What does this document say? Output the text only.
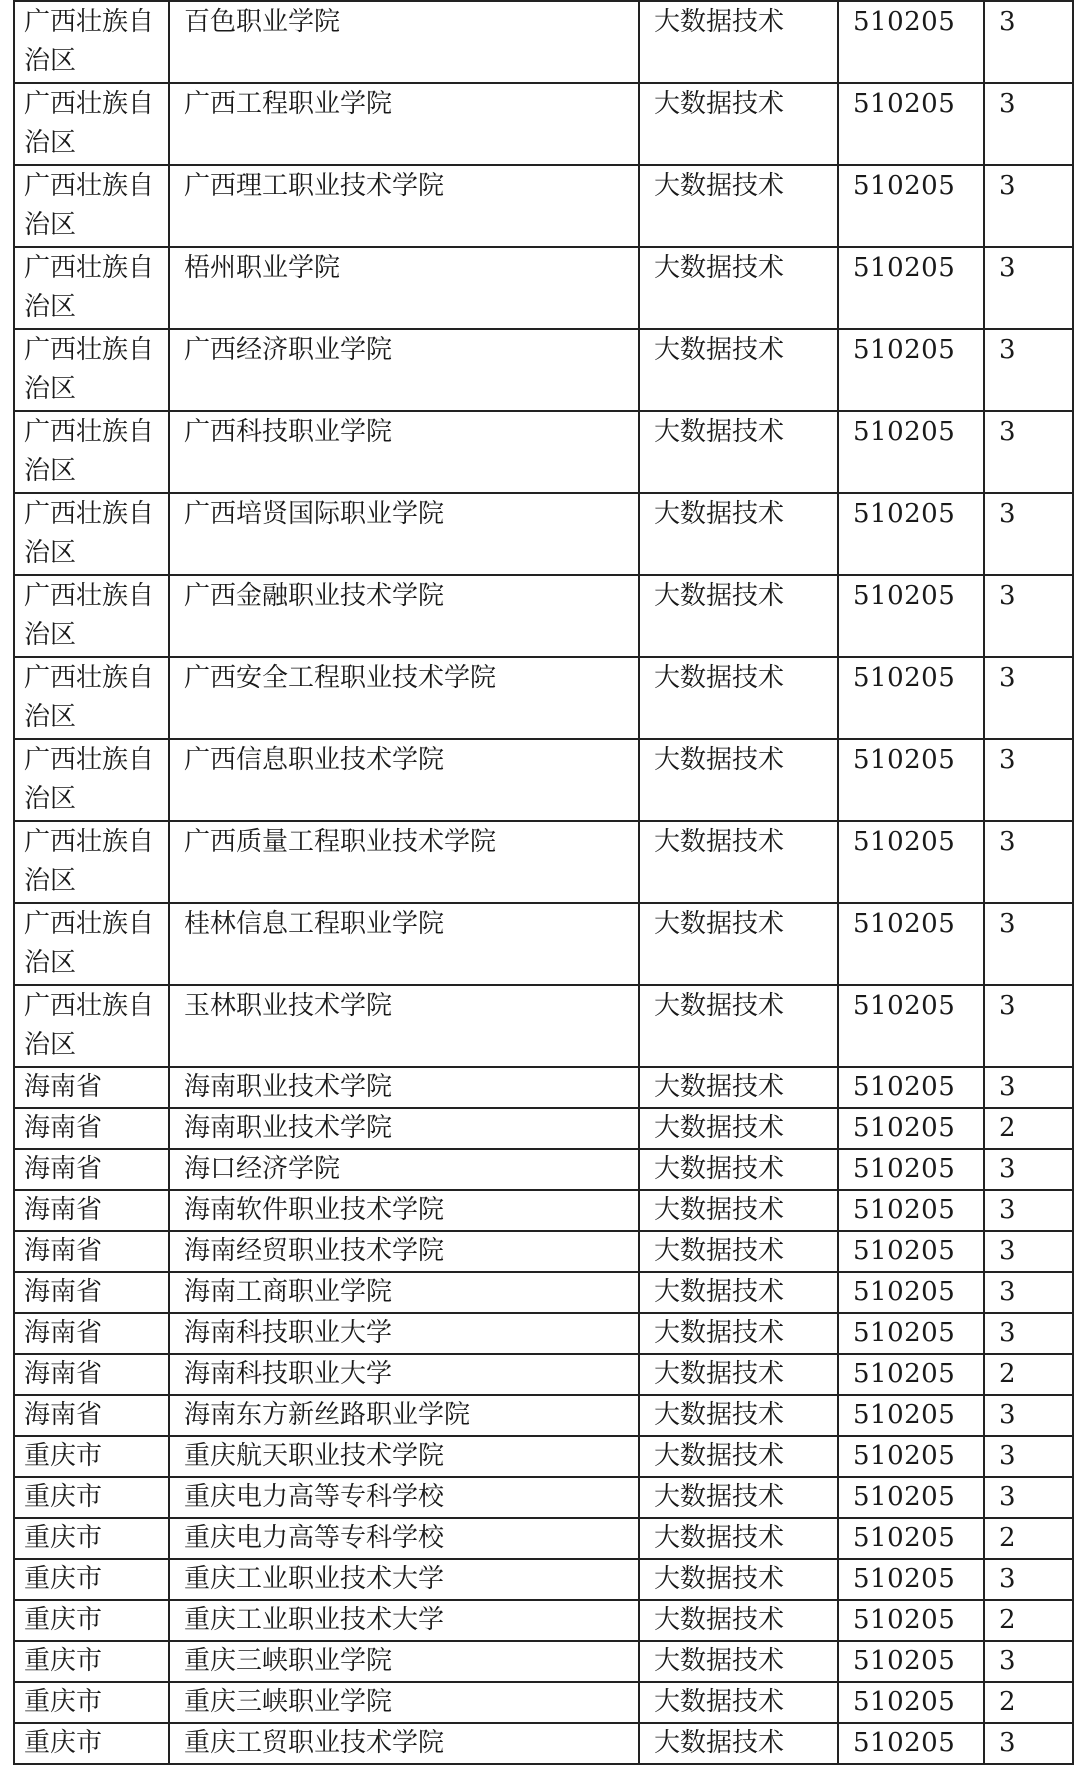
广西壮族自治区	百色职业学院	大数据技术	510205	3

广西壮族自治区	广西工程职业学院	大数据技术	510205	3

广西壮族自治区	广西理工职业技术学院	大数据技术	510205	3

广西壮族自治区	梧州职业学院	大数据技术	510205	3

广西壮族自治区	广西经济职业学院	大数据技术	510205	3

广西壮族自治区	广西科技职业学院	大数据技术	510205	3

广西壮族自治区	广西培贤国际职业学院	大数据技术	510205	3

广西壮族自治区	广西金融职业技术学院	大数据技术	510205	3

广西壮族自治区	广西安全工程职业技术学院	大数据技术	510205	3

广西壮族自治区	广西信息职业技术学院	大数据技术	510205	3

广西壮族自治区	广西质量工程职业技术学院	大数据技术	510205	3

广西壮族自治区	桂林信息工程职业学院	大数据技术	510205	3

广西壮族自治区	玉林职业技术学院	大数据技术	510205	3

海南省	海南职业技术学院	大数据技术	510205	3

海南省	海南职业技术学院	大数据技术	510205	2

海南省	海口经济学院	大数据技术	510205	3

海南省	海南软件职业技术学院	大数据技术	510205	3

海南省	海南经贸职业技术学院	大数据技术	510205	3

海南省	海南工商职业学院	大数据技术	510205	3

海南省	海南科技职业大学	大数据技术	510205	3

海南省	海南科技职业大学	大数据技术	510205	2

海南省	海南东方新丝路职业学院	大数据技术	510205	3

重庆市	重庆航天职业技术学院	大数据技术	510205	3

重庆市	重庆电力高等专科学校	大数据技术	510205	3

重庆市	重庆电力高等专科学校	大数据技术	510205	2

重庆市	重庆工业职业技术大学	大数据技术	510205	3

重庆市	重庆工业职业技术大学	大数据技术	510205	2

重庆市	重庆三峡职业学院	大数据技术	510205	3

重庆市	重庆三峡职业学院	大数据技术	510205	2

重庆市	重庆工贸职业技术学院	大数据技术	510205	3
